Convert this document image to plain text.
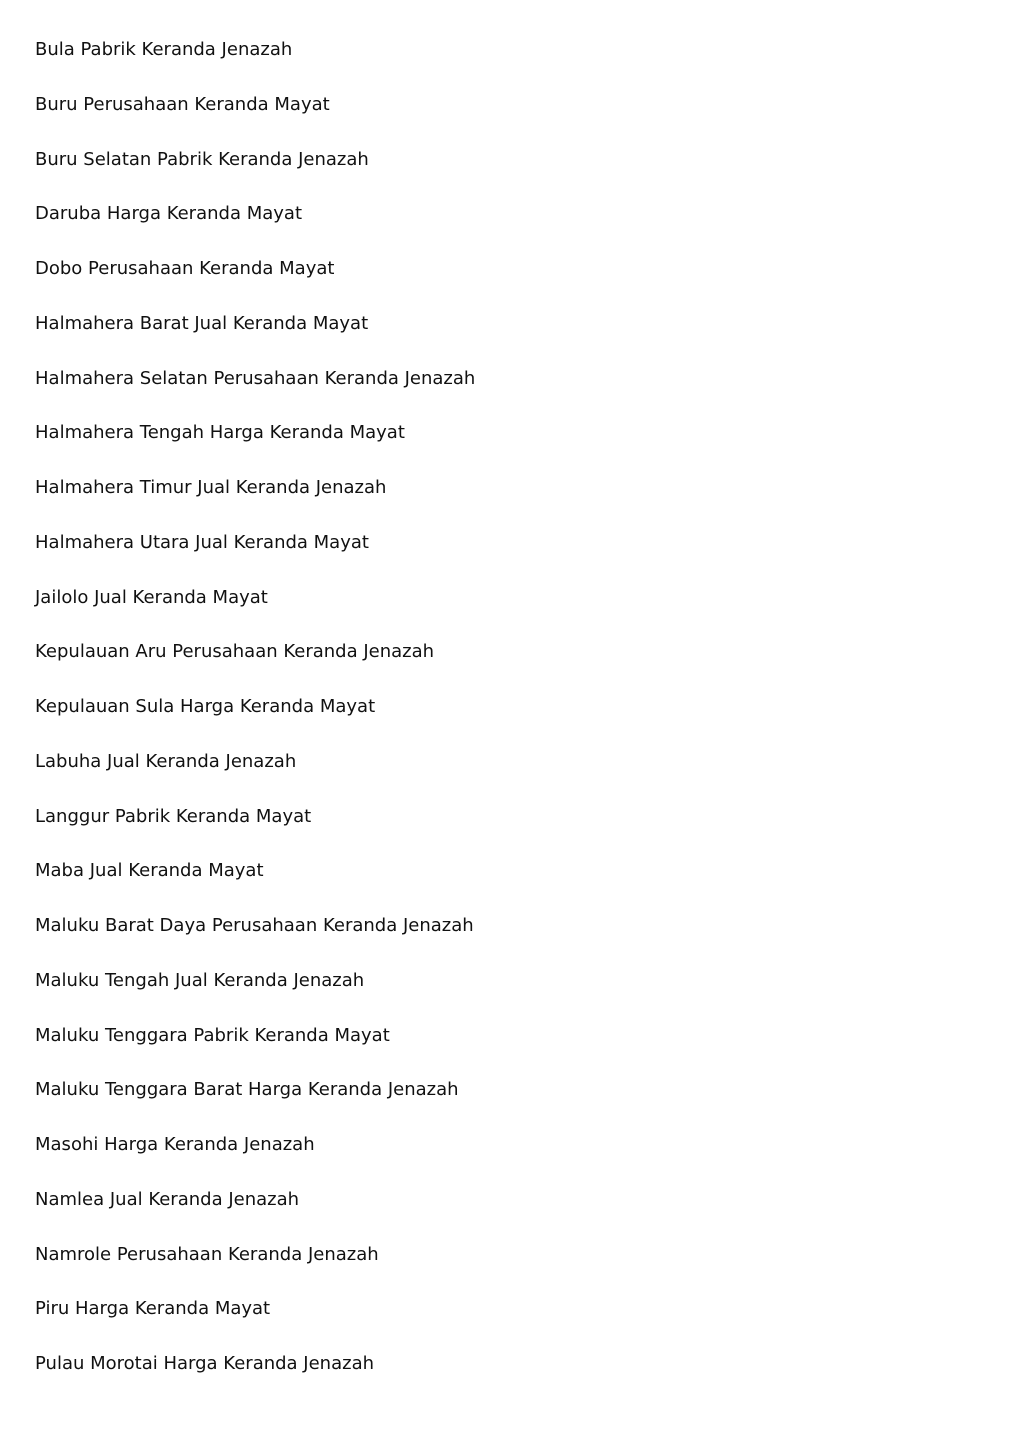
Bula Pabrik Keranda Jenazah
Buru Perusahaan Keranda Mayat
Buru Selatan Pabrik Keranda Jenazah
Daruba Harga Keranda Mayat
Dobo Perusahaan Keranda Mayat
Halmahera Barat Jual Keranda Mayat
Halmahera Selatan Perusahaan Keranda Jenazah
Halmahera Tengah Harga Keranda Mayat
Halmahera Timur Jual Keranda Jenazah
Halmahera Utara Jual Keranda Mayat
Jailolo Jual Keranda Mayat
Kepulauan Aru Perusahaan Keranda Jenazah
Kepulauan Sula Harga Keranda Mayat
Labuha Jual Keranda Jenazah
Langgur Pabrik Keranda Mayat
Maba Jual Keranda Mayat
Maluku Barat Daya Perusahaan Keranda Jenazah
Maluku Tengah Jual Keranda Jenazah
Maluku Tenggara Pabrik Keranda Mayat
Maluku Tenggara Barat Harga Keranda Jenazah
Masohi Harga Keranda Jenazah
Namlea Jual Keranda Jenazah
Namrole Perusahaan Keranda Jenazah
Piru Harga Keranda Mayat
Pulau Morotai Harga Keranda Jenazah
